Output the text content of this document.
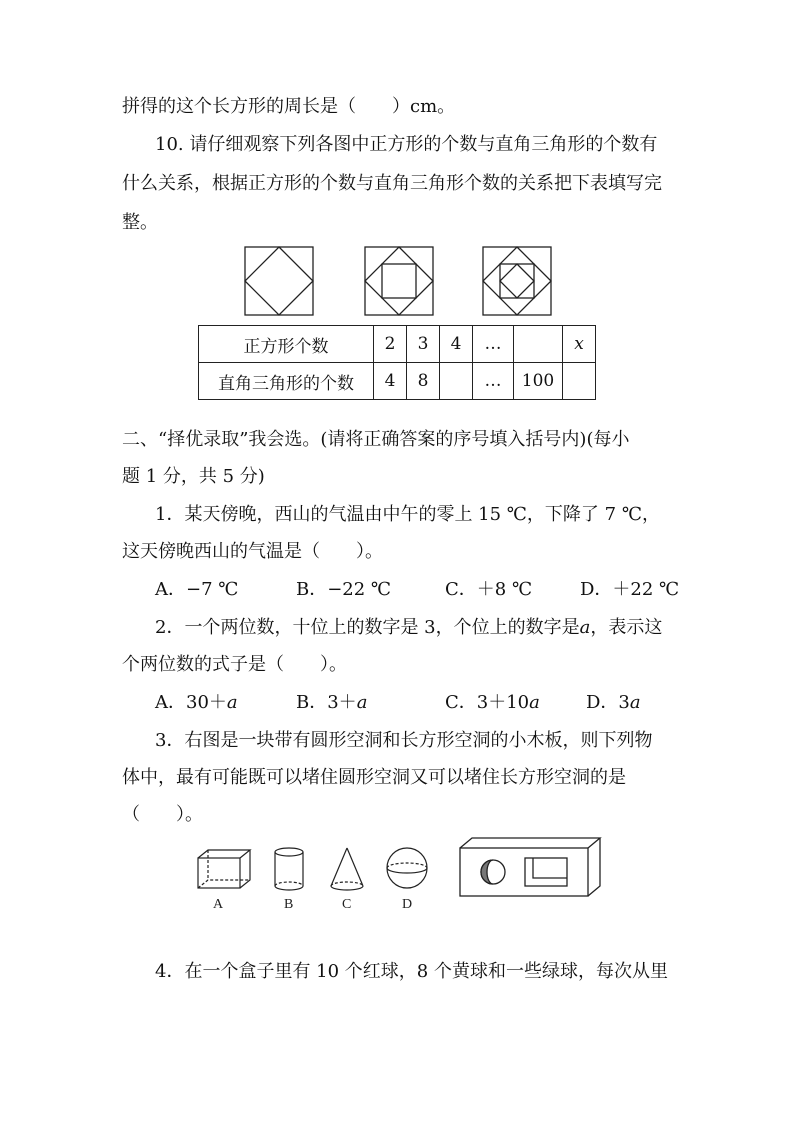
拼得的这个长方形的周长是（　　）cm。
10. 请仔细观察下列各图中正方形的个数与直角三角形的个数有
什么关系，根据正方形的个数与直角三角形个数的关系把下表填写完
整。
正方形个数	2	3	4	…		x
直角三角形的个数	4	8		…	100	
二、“择优录取”我会选。(请将正确答案的序号填入括号内)(每小
题 1 分，共 5 分)
1．某天傍晚，西山的气温由中午的零上 15 ℃，下降了 7 ℃，
这天傍晚西山的气温是（　　）。
A．−7 ℃	B．−22 ℃	C．＋8 ℃	D．＋22 ℃
2．一个两位数，十位上的数字是 3，个位上的数字是a，表示这
个两位数的式子是（　　）。
A．30＋a	B．3＋a	C．3＋10a	D．3a
3．右图是一块带有圆形空洞和长方形空洞的小木板，则下列物
体中，最有可能既可以堵住圆形空洞又可以堵住长方形空洞的是
（　　）。
A	B	C	D
4．在一个盒子里有 10 个红球，8 个黄球和一些绿球，每次从里
